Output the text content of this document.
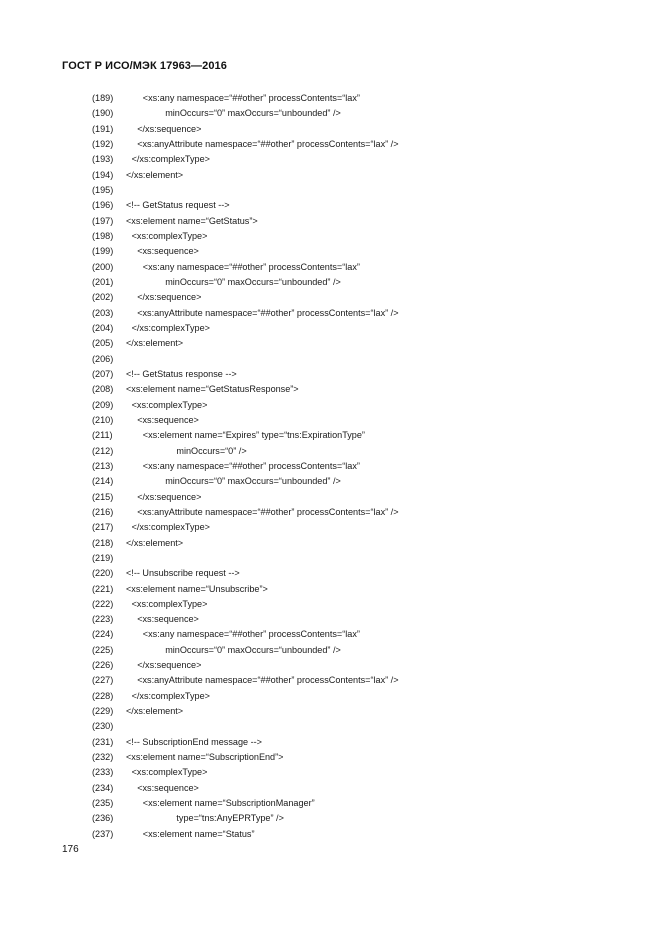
ГОСТ Р ИСО/МЭК 17963—2016
(189)	<xs:any namespace=“##other” processContents=“lax”
(190)	minOccurs=“0” maxOccurs=“unbounded” />
(191)	</xs:sequence>
(192)	<xs:anyAttribute namespace=“##other” processContents=“lax” />
(193)	</xs:complexType>
(194)	</xs:element>
(195)
(196)	<!-- GetStatus request -->
(197)	<xs:element name=“GetStatus”>
(198)	<xs:complexType>
(199)	<xs:sequence>
(200)	<xs:any namespace=“##other” processContents=“lax”
(201)	minOccurs=“0” maxOccurs=“unbounded” />
(202)	</xs:sequence>
(203)	<xs:anyAttribute namespace=“##other” processContents=“lax” />
(204)	</xs:complexType>
(205)	</xs:element>
(206)
(207)	<!-- GetStatus response -->
(208)	<xs:element name=“GetStatusResponse”>
(209)	<xs:complexType>
(210)	<xs:sequence>
(211)	<xs:element name=“Expires” type=“tns:ExpirationType”
(212)	minOccurs=“0” />
(213)	<xs:any namespace=“##other” processContents=“lax”
(214)	minOccurs=“0” maxOccurs=“unbounded” />
(215)	</xs:sequence>
(216)	<xs:anyAttribute namespace=“##other” processContents=“lax” />
(217)	</xs:complexType>
(218)	</xs:element>
(219)
(220)	<!-- Unsubscribe request -->
(221)	<xs:element name=“Unsubscribe”>
(222)	<xs:complexType>
(223)	<xs:sequence>
(224)	<xs:any namespace=“##other” processContents=“lax”
(225)	minOccurs=“0” maxOccurs=“unbounded” />
(226)	</xs:sequence>
(227)	<xs:anyAttribute namespace=“##other” processContents=“lax” />
(228)	</xs:complexType>
(229)	</xs:element>
(230)
(231)	<!-- SubscriptionEnd message -->
(232)	<xs:element name=“SubscriptionEnd”>
(233)	<xs:complexType>
(234)	<xs:sequence>
(235)	<xs:element name=“SubscriptionManager”
(236)	type=“tns:AnyEPRType” />
(237)	<xs:element name=“Status”
176
